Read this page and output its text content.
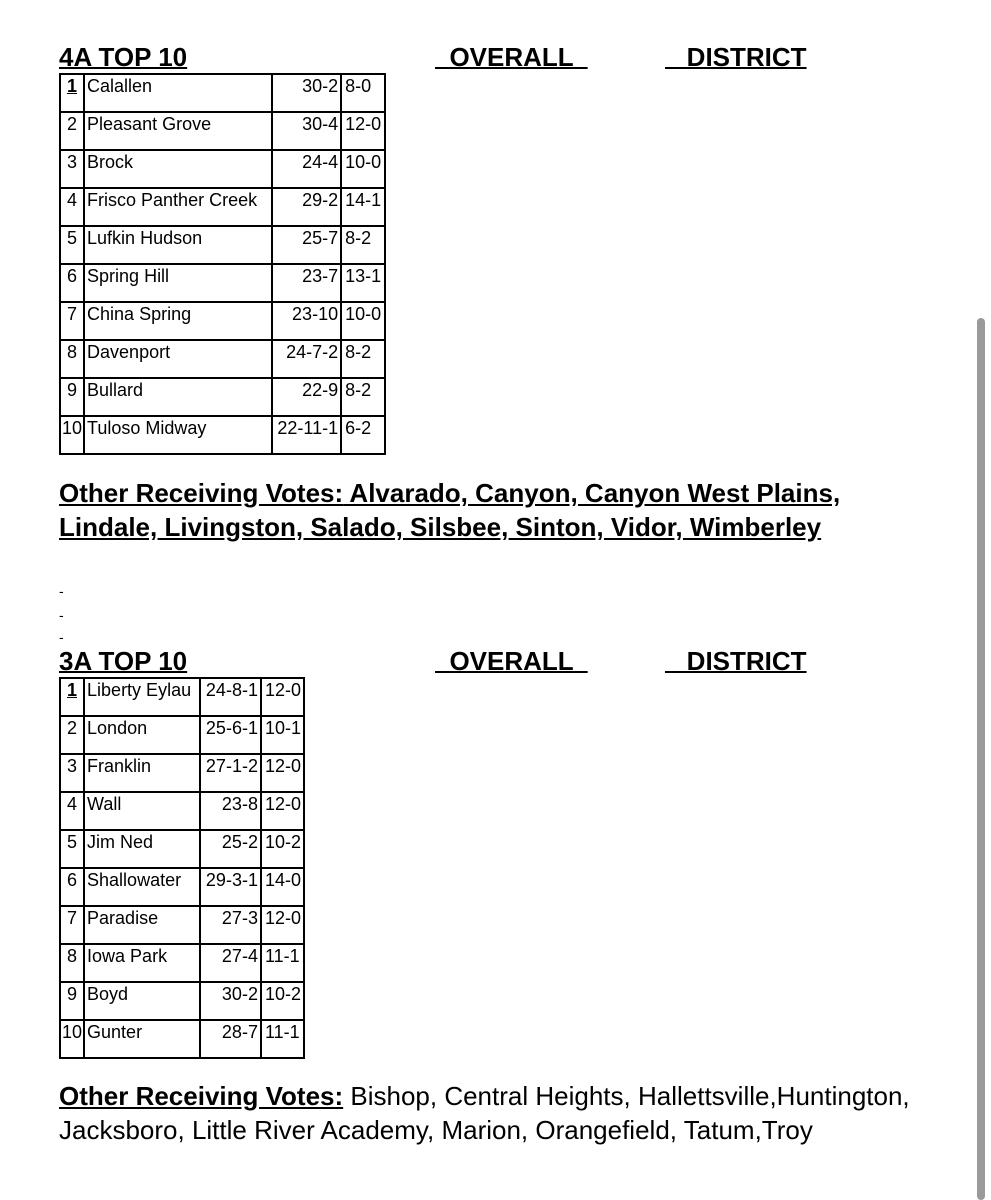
4A TOP 10	OVERALL	DISTRICT
1	Calallen	30-2	8-0
2	Pleasant Grove	30-4	12-0
3	Brock	24-4	10-0
4	Frisco Panther Creek	29-2	14-1
5	Lufkin Hudson	25-7	8-2
6	Spring Hill	23-7	13-1
7	China Spring	23-10	10-0
8	Davenport	24-7-2	8-2
9	Bullard	22-9	8-2
10	Tuloso Midway	22-11-1	6-2
Other Receiving Votes: Alvarado, Canyon, Canyon West Plains, Lindale, Livingston, Salado, Silsbee, Sinton, Vidor, Wimberley
-
-
-
3A TOP 10	OVERALL	DISTRICT
1	Liberty Eylau	24-8-1	12-0
2	London	25-6-1	10-1
3	Franklin	27-1-2	12-0
4	Wall	23-8	12-0
5	Jim Ned	25-2	10-2
6	Shallowater	29-3-1	14-0
7	Paradise	27-3	12-0
8	Iowa Park	27-4	11-1
9	Boyd	30-2	10-2
10	Gunter	28-7	11-1
Other Receiving Votes: Bishop, Central Heights, Hallettsville,Huntington, Jacksboro, Little River Academy, Marion, Orangefield, Tatum,Troy
